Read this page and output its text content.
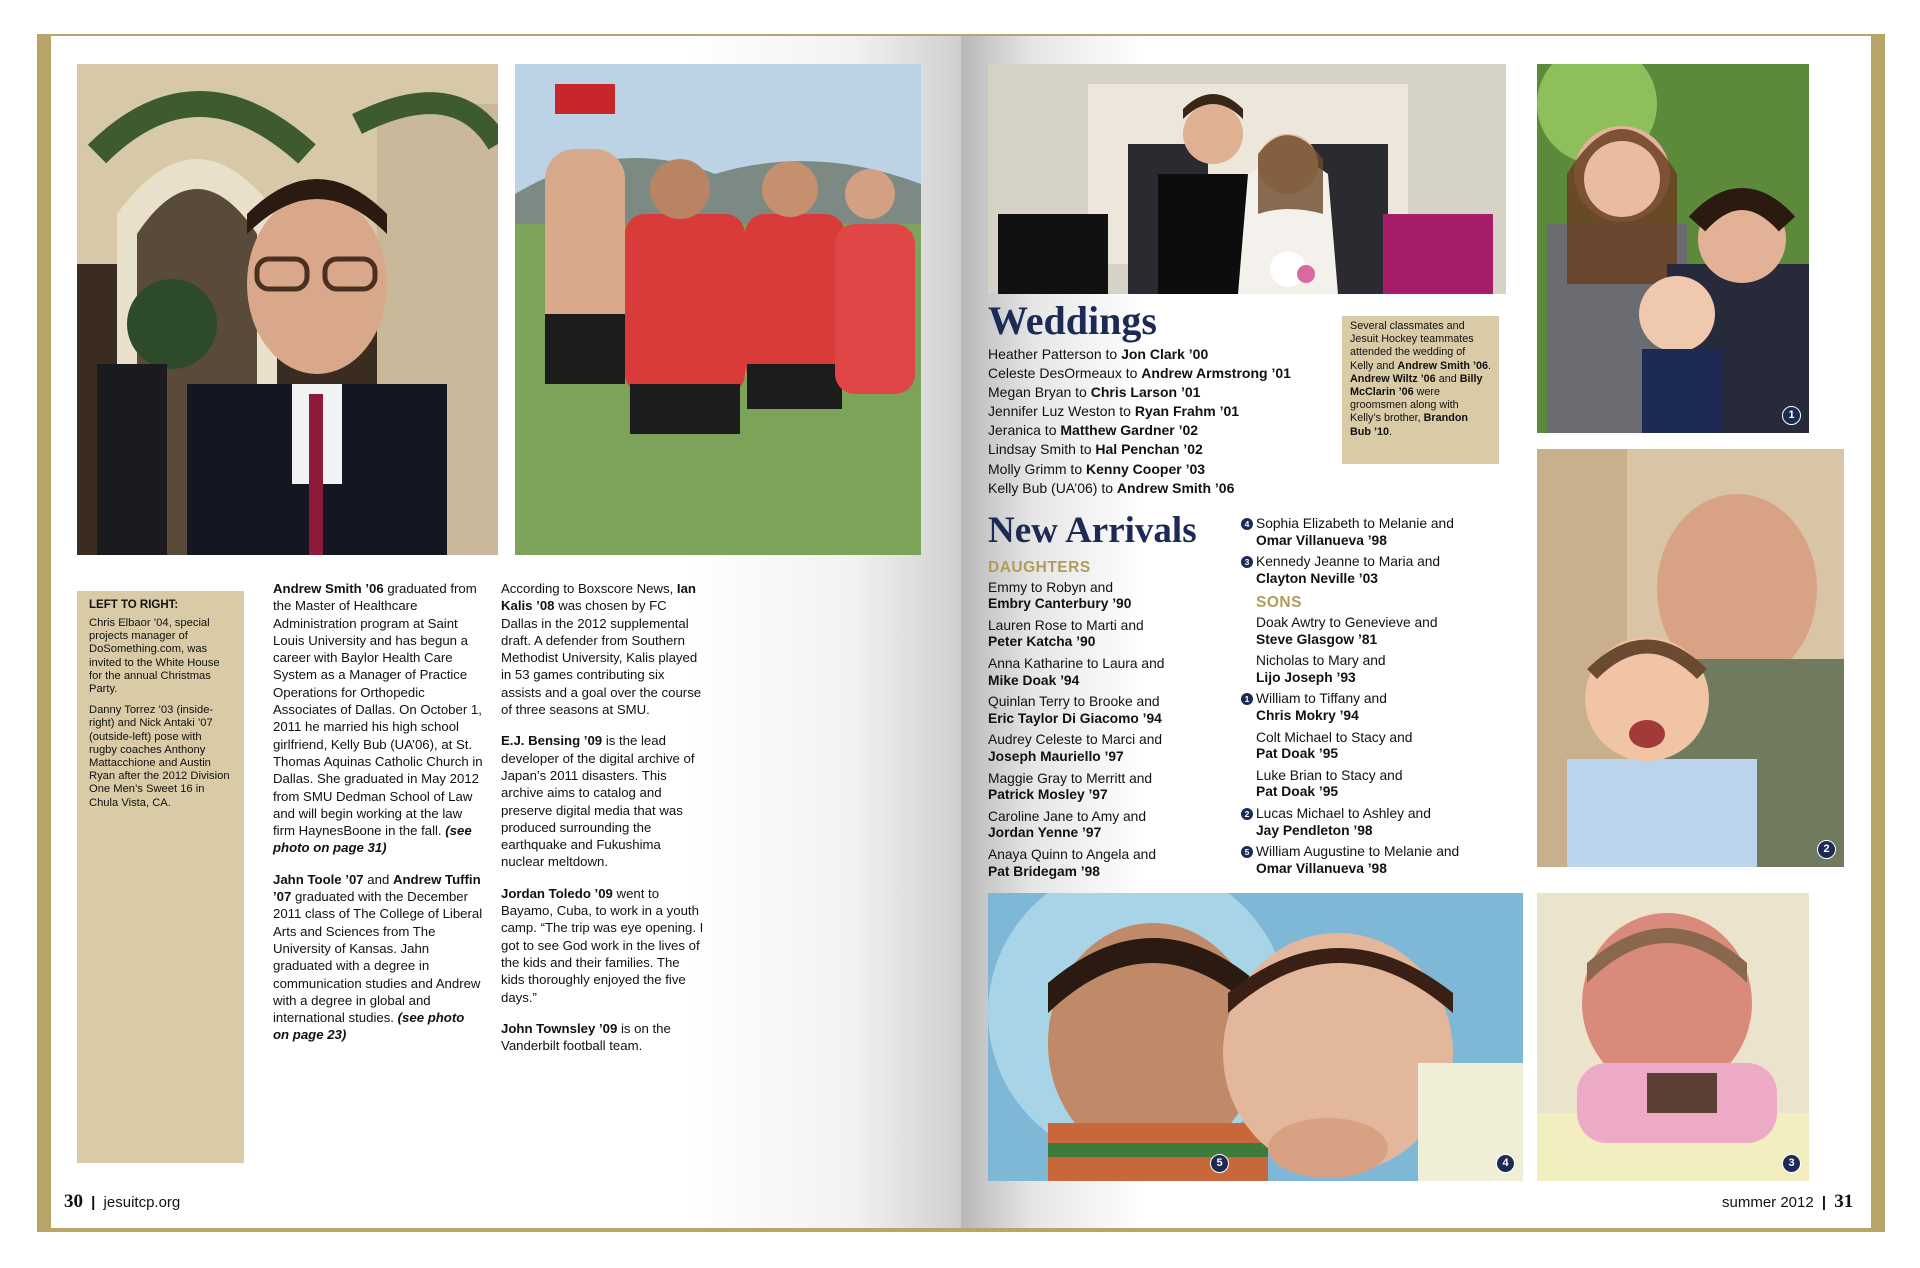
LEFT TO RIGHT:

Chris Elbaor ’04, special projects manager of DoSomething.com, was invited to the White House for the annual Christmas Party.

Danny Torrez ’03 (inside-right) and Nick Antaki ’07 (outside-left) pose with rugby coaches Anthony Mattacchione and Austin Ryan after the 2012 Division One Men’s Sweet 16 in Chula Vista, CA.

Andrew Smith ’06 graduated from the Master of Healthcare Administration program at Saint Louis University and has begun a career with Baylor Health Care System as a Manager of Practice Operations for Orthopedic Associates of Dallas. On October 1, 2011 he married his high school girlfriend, Kelly Bub (UA’06), at St. Thomas Aquinas Catholic Church in Dallas. She graduated in May 2012 from SMU Dedman School of Law and will begin working at the law firm HaynesBoone in the fall. (see photo on page 31)

Jahn Toole ’07 and Andrew Tuffin ’07 graduated with the December 2011 class of The College of Liberal Arts and Sciences from The University of Kansas. Jahn graduated with a degree in communication studies and Andrew with a degree in global and international studies. (see photo on page 23)

According to Boxscore News, Ian Kalis ’08 was chosen by FC Dallas in the 2012 supplemental draft. A defender from Southern Methodist University, Kalis played in 53 games contributing six assists and a goal over the course of three seasons at SMU.

E.J. Bensing ’09 is the lead developer of the digital archive of Japan’s 2011 disasters. This archive aims to catalog and preserve digital media that was produced surrounding the earthquake and Fukushima nuclear meltdown.

Jordan Toledo ’09 went to Bayamo, Cuba, to work in a youth camp. “The trip was eye opening. I got to see God work in the lives of the kids and their families. The kids thoroughly enjoyed the five days.”

John Townsley ’09 is on the Vanderbilt football team.

30 | jesuitcp.org
1
2
5	4	3
Weddings
Heather Patterson to Jon Clark ’00
Celeste DesOrmeaux to Andrew Armstrong ’01
Megan Bryan to Chris Larson ’01
Jennifer Luz Weston to Ryan Frahm ’01
Jeranica to Matthew Gardner ’02
Lindsay Smith to Hal Penchan ’02
Molly Grimm to Kenny Cooper ’03
Kelly Bub (UA’06) to Andrew Smith ’06
Several classmates and Jesuit Hockey teammates attended the wedding of Kelly and Andrew Smith ’06. Andrew Wiltz ’06 and Billy McClarin ’06 were groomsmen along with Kelly’s brother, Brandon Bub ’10.
New Arrivals
DAUGHTERS
Emmy to Robyn and
Embry Canterbury ’90
Lauren Rose to Marti and
Peter Katcha ’90
Anna Katharine to Laura and
Mike Doak ’94
Quinlan Terry to Brooke and
Eric Taylor Di Giacomo ’94
Audrey Celeste to Marci and
Joseph Mauriello ’97
Maggie Gray to Merritt and
Patrick Mosley ’97
Caroline Jane to Amy and
Jordan Yenne ’97
Anaya Quinn to Angela and
Pat Bridegam ’98
4 Sophia Elizabeth to Melanie and
Omar Villanueva ’98
3 Kennedy Jeanne to Maria and
Clayton Neville ’03
SONS
Doak Awtry to Genevieve and
Steve Glasgow ’81
Nicholas to Mary and
Lijo Joseph ’93
1 William to Tiffany and
Chris Mokry ’94
Colt Michael to Stacy and
Pat Doak ’95
Luke Brian to Stacy and
Pat Doak ’95
2 Lucas Michael to Ashley and
Jay Pendleton ’98
5 William Augustine to Melanie and
Omar Villanueva ’98
summer 2012 | 31
